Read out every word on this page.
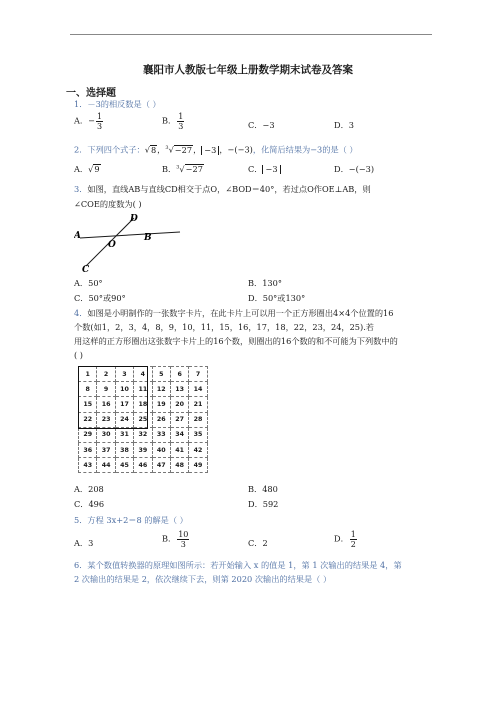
襄阳市人教版七年级上册数学期末试卷及答案
一、选择题
1．－3的相反数是（ ）
A．− $\frac{1}{3}$	B． $\frac{1}{3}$	C．−3	D．3
2．下列四个式子：√8，$^3$√−27， −3 ，−(−3)，化简后结果为−3的是（ ）
A．√9	B．$^3$√−27	C． −3	D．−(−3)
3．如图，直线AB与直线CD相交于点O，∠BOD＝40°，若过点O作OE⊥AB，则
∠COE的度数为( )
D
A
O
B
C
A．50°	B．130°
C．50°或90°	D．50°或130°
4．如图是小明制作的一张数字卡片，在此卡片上可以用一个正方形圈出4×4个位置的16
个数(如1，2，3，4，8，9，10，11，15，16，17，18，22，23，24，25).若
用这样的正方形圈出这张数字卡片上的16个数，则圈出的16个数的和不可能为下列数中的
( )
1	2	3	4	5	6	7
8	9	10	11	12	13	14
15	16	17	18	19	20	21
22	23	24	25	26	27	28
29	30	31	32	33	34	35
36	37	38	39	40	41	42
43	44	45	46	47	48	49
A．208	B．480
C．496	D．592
5．方程 3x+2＝8 的解是（ ）
A．3	B． $\frac{10}{3}$	C．2	D． $\frac{1}{2}$
6．某个数值转换器的原理如图所示：若开始输入 x 的值是 1，第 1 次输出的结果是 4，第
2 次输出的结果是 2，依次继续下去，则第 2020 次输出的结果是（ ）
